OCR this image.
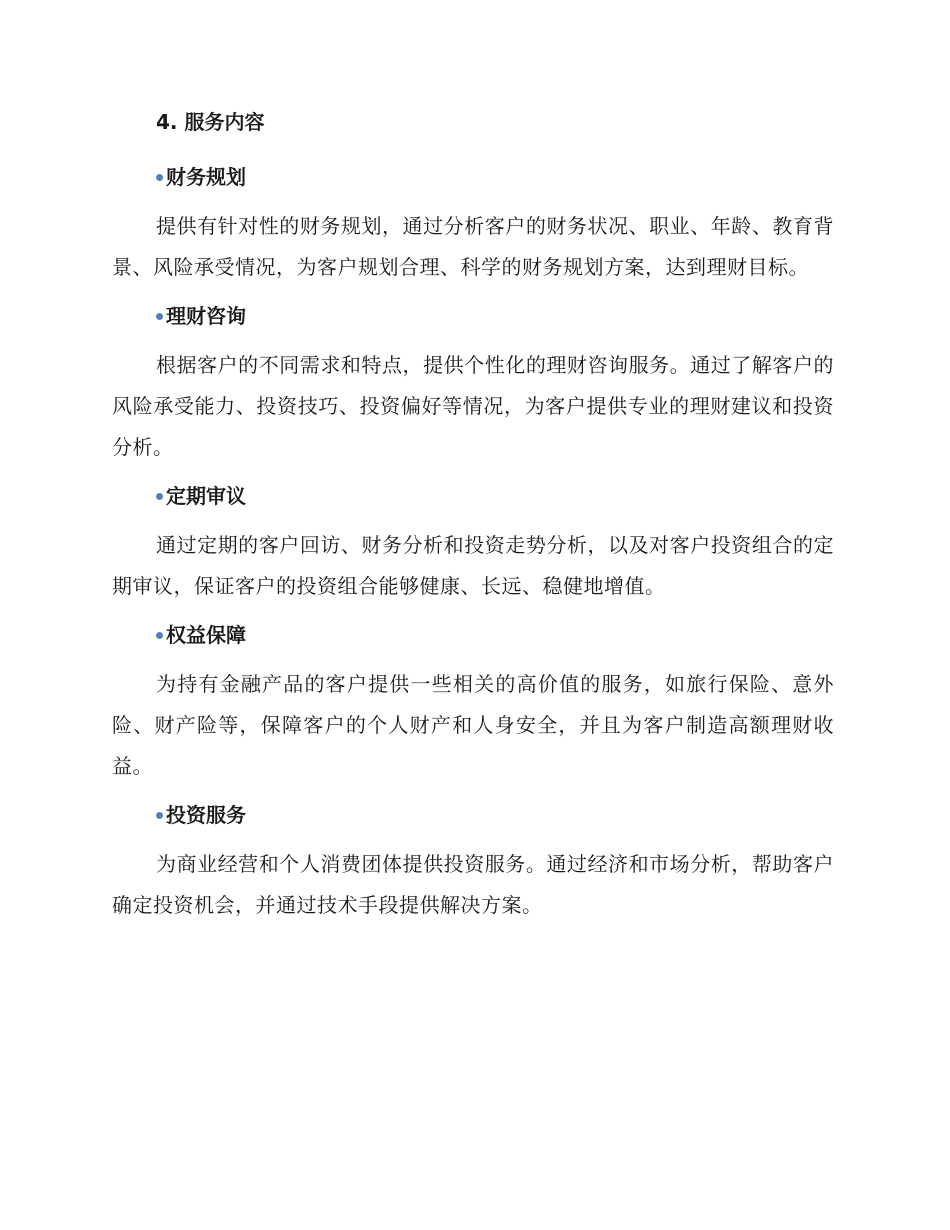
4. 服务内容
财务规划

提供有针对性的财务规划，通过分析客户的财务状况、职业、年龄、教育背景、风险承受情况，为客户规划合理、科学的财务规划方案，达到理财目标。

理财咨询

根据客户的不同需求和特点，提供个性化的理财咨询服务。通过了解客户的风险承受能力、投资技巧、投资偏好等情况，为客户提供专业的理财建议和投资分析。

定期审议

通过定期的客户回访、财务分析和投资走势分析，以及对客户投资组合的定期审议，保证客户的投资组合能够健康、长远、稳健地增值。

权益保障

为持有金融产品的客户提供一些相关的高价值的服务，如旅行保险、意外险、财产险等，保障客户的个人财产和人身安全，并且为客户制造高额理财收益。

投资服务

为商业经营和个人消费团体提供投资服务。通过经济和市场分析，帮助客户确定投资机会，并通过技术手段提供解决方案。
